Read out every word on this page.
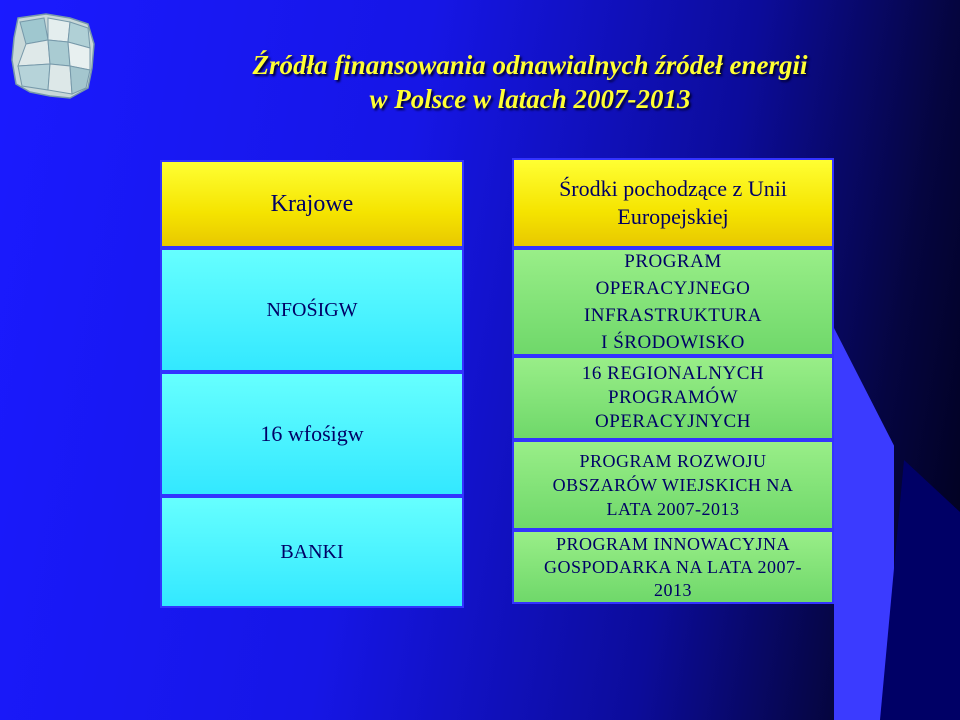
Źródła finansowania odnawialnych źródeł energii
w Polsce w latach 2007-2013
Krajowe
NFOŚIGW
16 wfośigw
BANKI
Środki pochodzące z Unii
Europejskiej
PROGRAM
OPERACYJNEGO
INFRASTRUKTURA
I ŚRODOWISKO
16 REGIONALNYCH
PROGRAMÓW
OPERACYJNYCH
PROGRAM ROZWOJU
OBSZARÓW WIEJSKICH NA
LATA 2007-2013
PROGRAM INNOWACYJNA
GOSPODARKA NA LATA 2007-
2013
